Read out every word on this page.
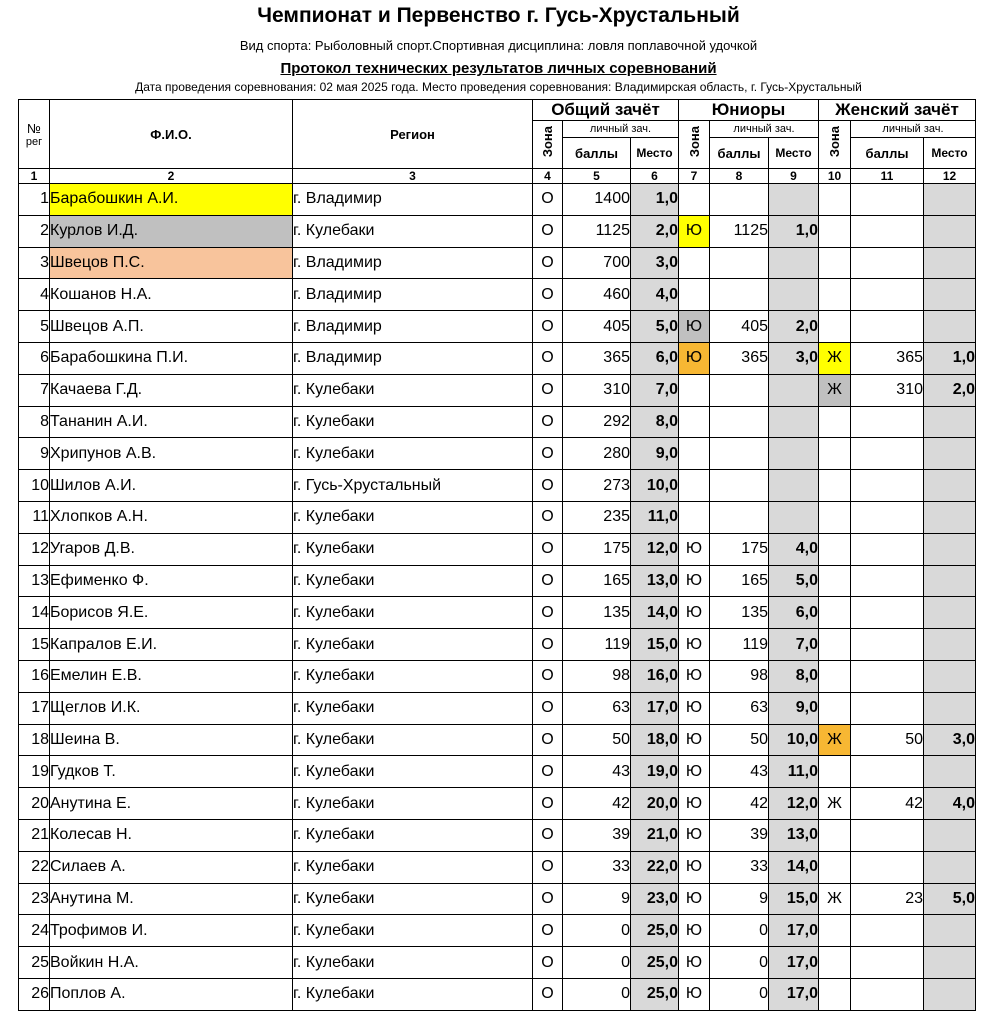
Чемпионат и Первенство г. Гусь-Хрустальный
Вид спорта: Рыболовный спорт.Спортивная дисциплина: ловля поплавочной удочкой
Протокол технических результатов личных соревнований
Дата проведения соревнования: 02 мая 2025 года. Место проведения соревнования: Владимирская область, г. Гусь-Хрустальный
№
рег	Ф.И.О.	Регион	Общий зачёт			Юниоры			Женский зачёт		
			Зона	личный зач.		Зона	личный зач.		Зона	личный зач.	
				баллы	Место		баллы	Место		баллы	Место
1	2	3	4	5	6	7	8	9	10	11	12
1	Барабошкин А.И.	г. Владимир	О	1400	1,0						
2	Курлов И.Д.	г. Кулебаки	О	1125	2,0	Ю	1125	1,0			
3	Швецов П.С.	г. Владимир	О	700	3,0						
4	Кошанов Н.А.	г. Владимир	О	460	4,0						
5	Швецов А.П.	г. Владимир	О	405	5,0	Ю	405	2,0			
6	Барабошкина П.И.	г. Владимир	О	365	6,0	Ю	365	3,0	Ж	365	1,0
7	Качаева Г.Д.	г. Кулебаки	О	310	7,0				Ж	310	2,0
8	Тананин А.И.	г. Кулебаки	О	292	8,0						
9	Хрипунов А.В.	г. Кулебаки	О	280	9,0						
10	Шилов А.И.	г. Гусь-Хрустальный	О	273	10,0						
11	Хлопков А.Н.	г. Кулебаки	О	235	11,0						
12	Угаров Д.В.	г. Кулебаки	О	175	12,0	Ю	175	4,0			
13	Ефименко Ф.	г. Кулебаки	О	165	13,0	Ю	165	5,0			
14	Борисов Я.Е.	г. Кулебаки	О	135	14,0	Ю	135	6,0			
15	Капралов Е.И.	г. Кулебаки	О	119	15,0	Ю	119	7,0			
16	Емелин Е.В.	г. Кулебаки	О	98	16,0	Ю	98	8,0			
17	Щеглов И.К.	г. Кулебаки	О	63	17,0	Ю	63	9,0			
18	Шеина В.	г. Кулебаки	О	50	18,0	Ю	50	10,0	Ж	50	3,0
19	Гудков Т.	г. Кулебаки	О	43	19,0	Ю	43	11,0			
20	Анутина Е.	г. Кулебаки	О	42	20,0	Ю	42	12,0	Ж	42	4,0
21	Колесав Н.	г. Кулебаки	О	39	21,0	Ю	39	13,0			
22	Силаев А.	г. Кулебаки	О	33	22,0	Ю	33	14,0			
23	Анутина М.	г. Кулебаки	О	9	23,0	Ю	9	15,0	Ж	23	5,0
24	Трофимов И.	г. Кулебаки	О	0	25,0	Ю	0	17,0			
25	Войкин Н.А.	г. Кулебаки	О	0	25,0	Ю	0	17,0			
26	Поплов А.	г. Кулебаки	О	0	25,0	Ю	0	17,0			
